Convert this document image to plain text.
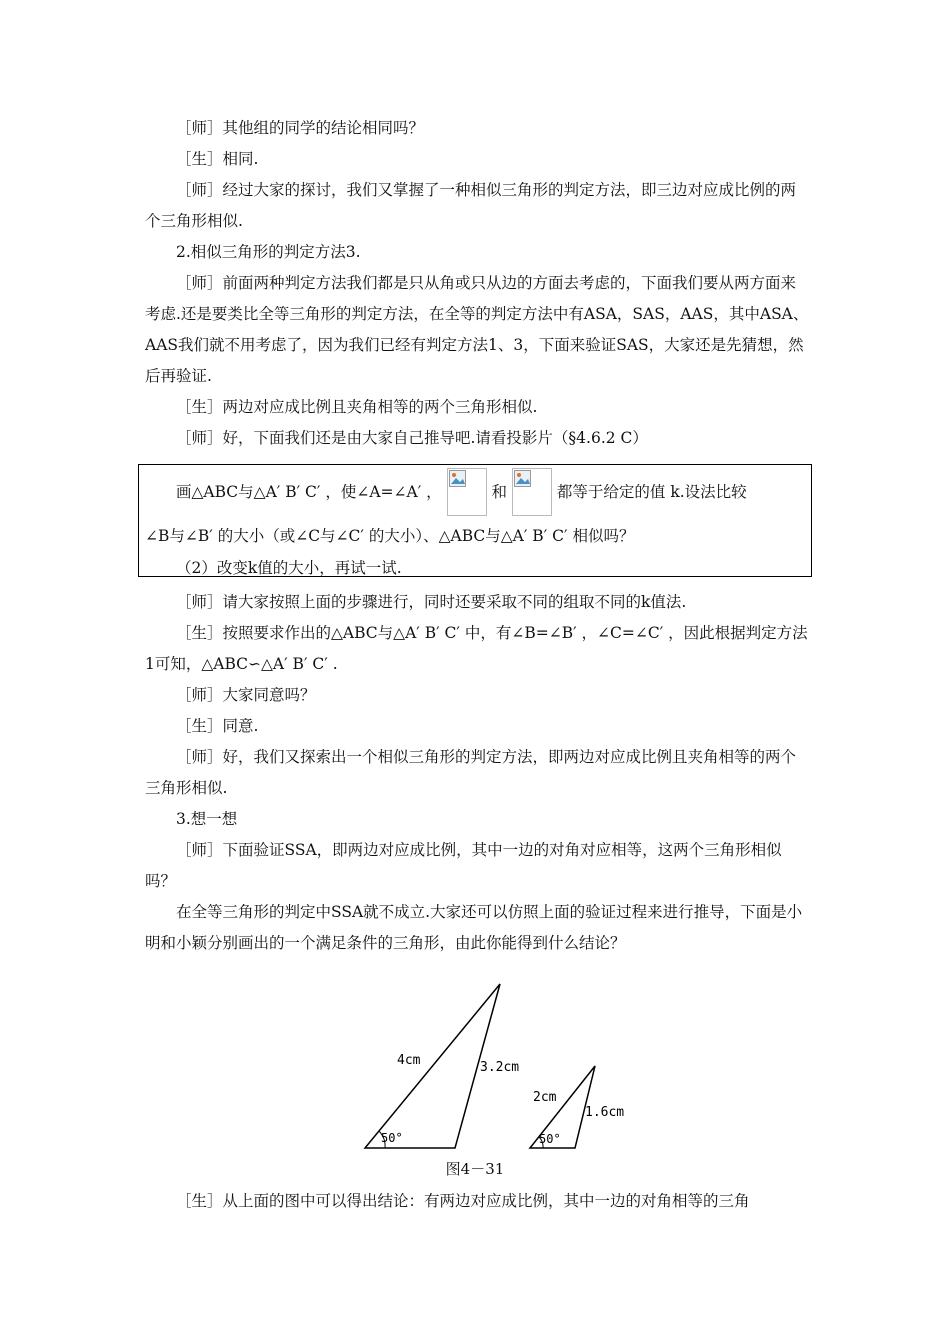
［师］其他组的同学的结论相同吗？

［生］相同.

［师］经过大家的探讨，我们又掌握了一种相似三角形的判定方法，即三边对应成比例的两个三角形相似.

2.相似三角形的判定方法3.

［师］前面两种判定方法我们都是只从角或只从边的方面去考虑的，下面我们要从两方面来考虑.还是要类比全等三角形的判定方法，在全等的判定方法中有ASA，SAS，AAS，其中ASA、AAS我们就不用考虑了，因为我们已经有判定方法1、3，下面来验证SAS，大家还是先猜想，然后再验证.

［生］两边对应成比例且夹角相等的两个三角形相似.

［师］好，下面我们还是由大家自己推导吧.请看投影片（§4.6.2 C）

画△ABC与△A′ B′ C′ ，使∠A=∠A′ ，	和	都等于给定的值 k.设法比较
∠B与∠B′ 的大小（或∠C与∠C′ 的大小）、△ABC与△A′ B′ C′ 相似吗？
（2）改变k值的大小，再试一试.

［师］请大家按照上面的步骤进行，同时还要采取不同的组取不同的k值法.

［生］按照要求作出的△ABC与△A′ B′ C′ 中，有∠B=∠B′ ，∠C=∠C′ ，因此根据判定方法1可知，△ABC∽△A′ B′ C′ .

［师］大家同意吗？

［生］同意.

［师］好，我们又探索出一个相似三角形的判定方法，即两边对应成比例且夹角相等的两个三角形相似.

3.想一想

［师］下面验证SSA，即两边对应成比例，其中一边的对角对应相等，这两个三角形相似吗？

在全等三角形的判定中SSA就不成立.大家还可以仿照上面的验证过程来进行推导，下面是小明和小颖分别画出的一个满足条件的三角形，由此你能得到什么结论？

4cm	3.2cm
50°
2cm
1.6cm
50°
图4－31

［生］从上面的图中可以得出结论：有两边对应成比例，其中一边的对角相等的三角
